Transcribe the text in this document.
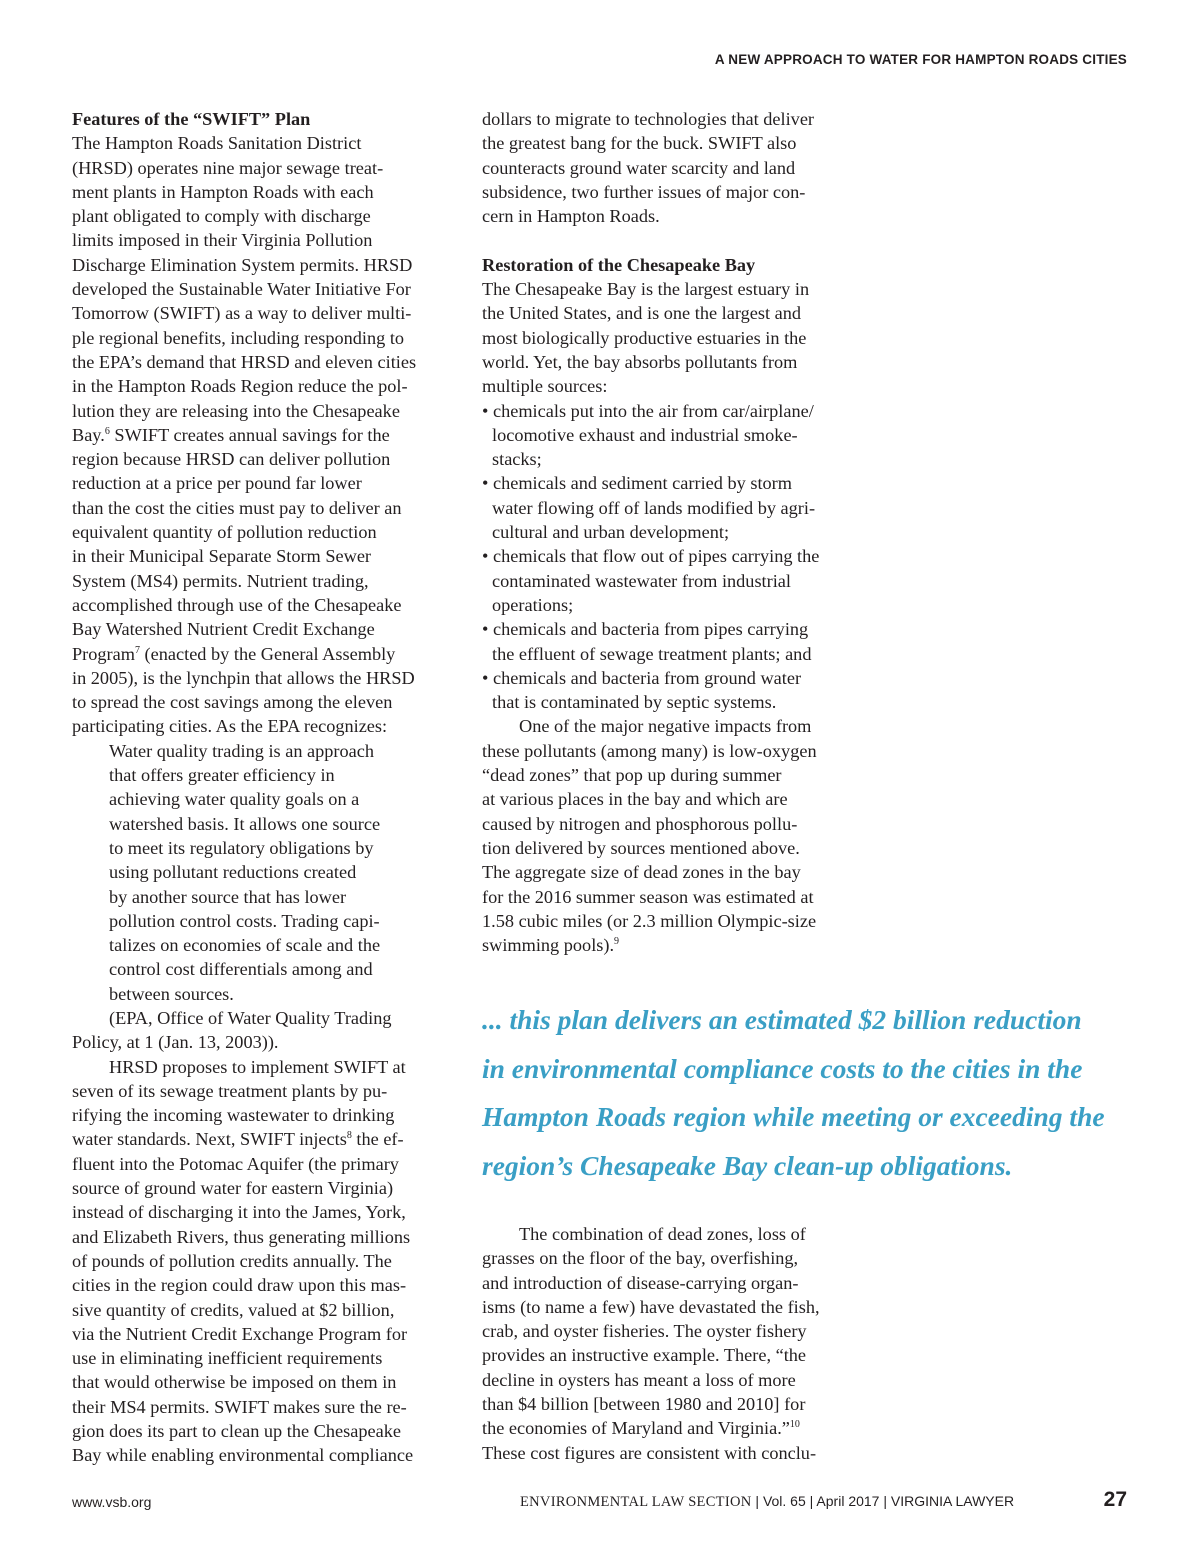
A NEW APPROACH TO WATER FOR HAMPTON ROADS CITIES
Features of the “SWIFT” Plan
The Hampton Roads Sanitation District
(HRSD) operates nine major sewage treat-
ment plants in Hampton Roads with each
plant obligated to comply with discharge
limits imposed in their Virginia Pollution
Discharge Elimination System permits. HRSD
developed the Sustainable Water Initiative For
Tomorrow (SWIFT) as a way to deliver multi-
ple regional benefits, including responding to
the EPA’s demand that HRSD and eleven cities
in the Hampton Roads Region reduce the pol-
lution they are releasing into the Chesapeake
Bay.$^6$ SWIFT creates annual savings for the
region because HRSD can deliver pollution
reduction at a price per pound far lower
than the cost the cities must pay to deliver an
equivalent quantity of pollution reduction
in their Municipal Separate Storm Sewer
System (MS4) permits. Nutrient trading,
accomplished through use of the Chesapeake
Bay Watershed Nutrient Credit Exchange
Program$^7$ (enacted by the General Assembly
in 2005), is the lynchpin that allows the HRSD
to spread the cost savings among the eleven
participating cities. As the EPA recognizes:
Water quality trading is an approach
that offers greater efficiency in
achieving water quality goals on a
watershed basis. It allows one source
to meet its regulatory obligations by
using pollutant reductions created
by another source that has lower
pollution control costs. Trading capi-
talizes on economies of scale and the
control cost differentials among and
between sources.
(EPA, Office of Water Quality Trading
Policy, at 1 (Jan. 13, 2003)).
HRSD proposes to implement SWIFT at
seven of its sewage treatment plants by pu-
rifying the incoming wastewater to drinking
water standards. Next, SWIFT injects$^8$ the ef-
fluent into the Potomac Aquifer (the primary
source of ground water for eastern Virginia)
instead of discharging it into the James, York,
and Elizabeth Rivers, thus generating millions
of pounds of pollution credits annually. The
cities in the region could draw upon this mas-
sive quantity of credits, valued at $2 billion,
via the Nutrient Credit Exchange Program for
use in eliminating inefficient requirements
that would otherwise be imposed on them in
their MS4 permits. SWIFT makes sure the re-
gion does its part to clean up the Chesapeake
Bay while enabling environmental compliance
dollars to migrate to technologies that deliver
the greatest bang for the buck. SWIFT also
counteracts ground water scarcity and land
subsidence, two further issues of major con-
cern in Hampton Roads.
Restoration of the Chesapeake Bay
The Chesapeake Bay is the largest estuary in
the United States, and is one the largest and
most biologically productive estuaries in the
world. Yet, the bay absorbs pollutants from
multiple sources:
• chemicals put into the air from car/airplane/
locomotive exhaust and industrial smoke-
stacks;
• chemicals and sediment carried by storm
water flowing off of lands modified by agri-
cultural and urban development;
• chemicals that flow out of pipes carrying the
contaminated wastewater from industrial
operations;
• chemicals and bacteria from pipes carrying
the effluent of sewage treatment plants; and
• chemicals and bacteria from ground water
that is contaminated by septic systems.
One of the major negative impacts from
these pollutants (among many) is low-oxygen
“dead zones” that pop up during summer
at various places in the bay and which are
caused by nitrogen and phosphorous pollu-
tion delivered by sources mentioned above.
The aggregate size of dead zones in the bay
for the 2016 summer season was estimated at
1.58 cubic miles (or 2.3 million Olympic-size
swimming pools).$^9$
... this plan delivers an estimated $2 billion reduction
in environmental compliance costs to the cities in the
Hampton Roads region while meeting or exceeding the
region’s Chesapeake Bay clean-up obligations.
The combination of dead zones, loss of
grasses on the floor of the bay, overfishing,
and introduction of disease-carrying organ-
isms (to name a few) have devastated the fish,
crab, and oyster fisheries. The oyster fishery
provides an instructive example. There, “the
decline in oysters has meant a loss of more
than $4 billion [between 1980 and 2010] for
the economies of Maryland and Virginia.”$^{10}$
These cost figures are consistent with conclu-
www.vsb.org	ENVIRONMENTAL LAW SECTION | Vol. 65 | April 2017 | VIRGINIA LAWYER	27
